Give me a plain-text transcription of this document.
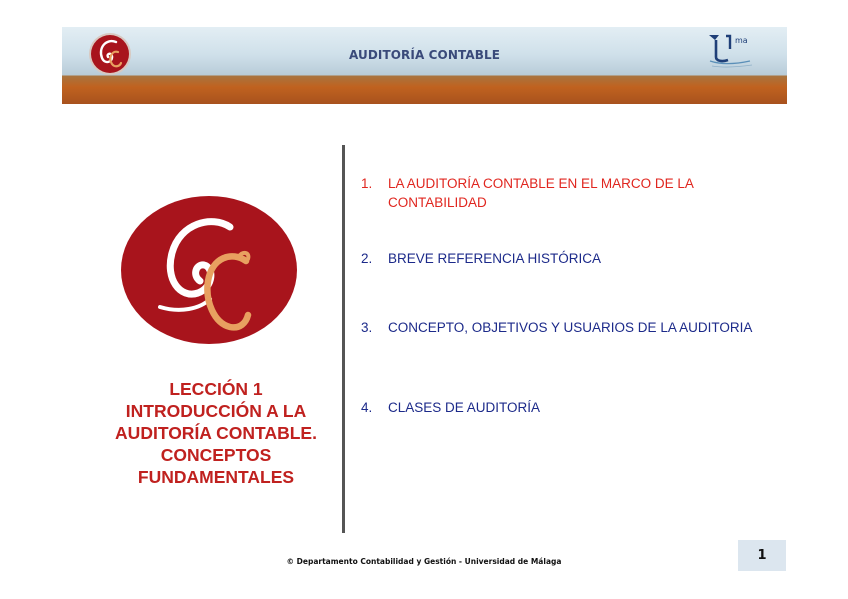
AUDITORÍA CONTABLE
ma
LECCIÓN 1
INTRODUCCIÓN A LA
AUDITORÍA CONTABLE.
CONCEPTOS
FUNDAMENTALES
1. LA AUDITORÍA CONTABLE EN EL MARCO DE LA CONTABILIDAD
2. BREVE REFERENCIA HISTÓRICA
3. CONCEPTO, OBJETIVOS Y USUARIOS DE LA AUDITORIA
4. CLASES DE AUDITORÍA
© Departamento Contabilidad y Gestión - Universidad de Málaga	1
